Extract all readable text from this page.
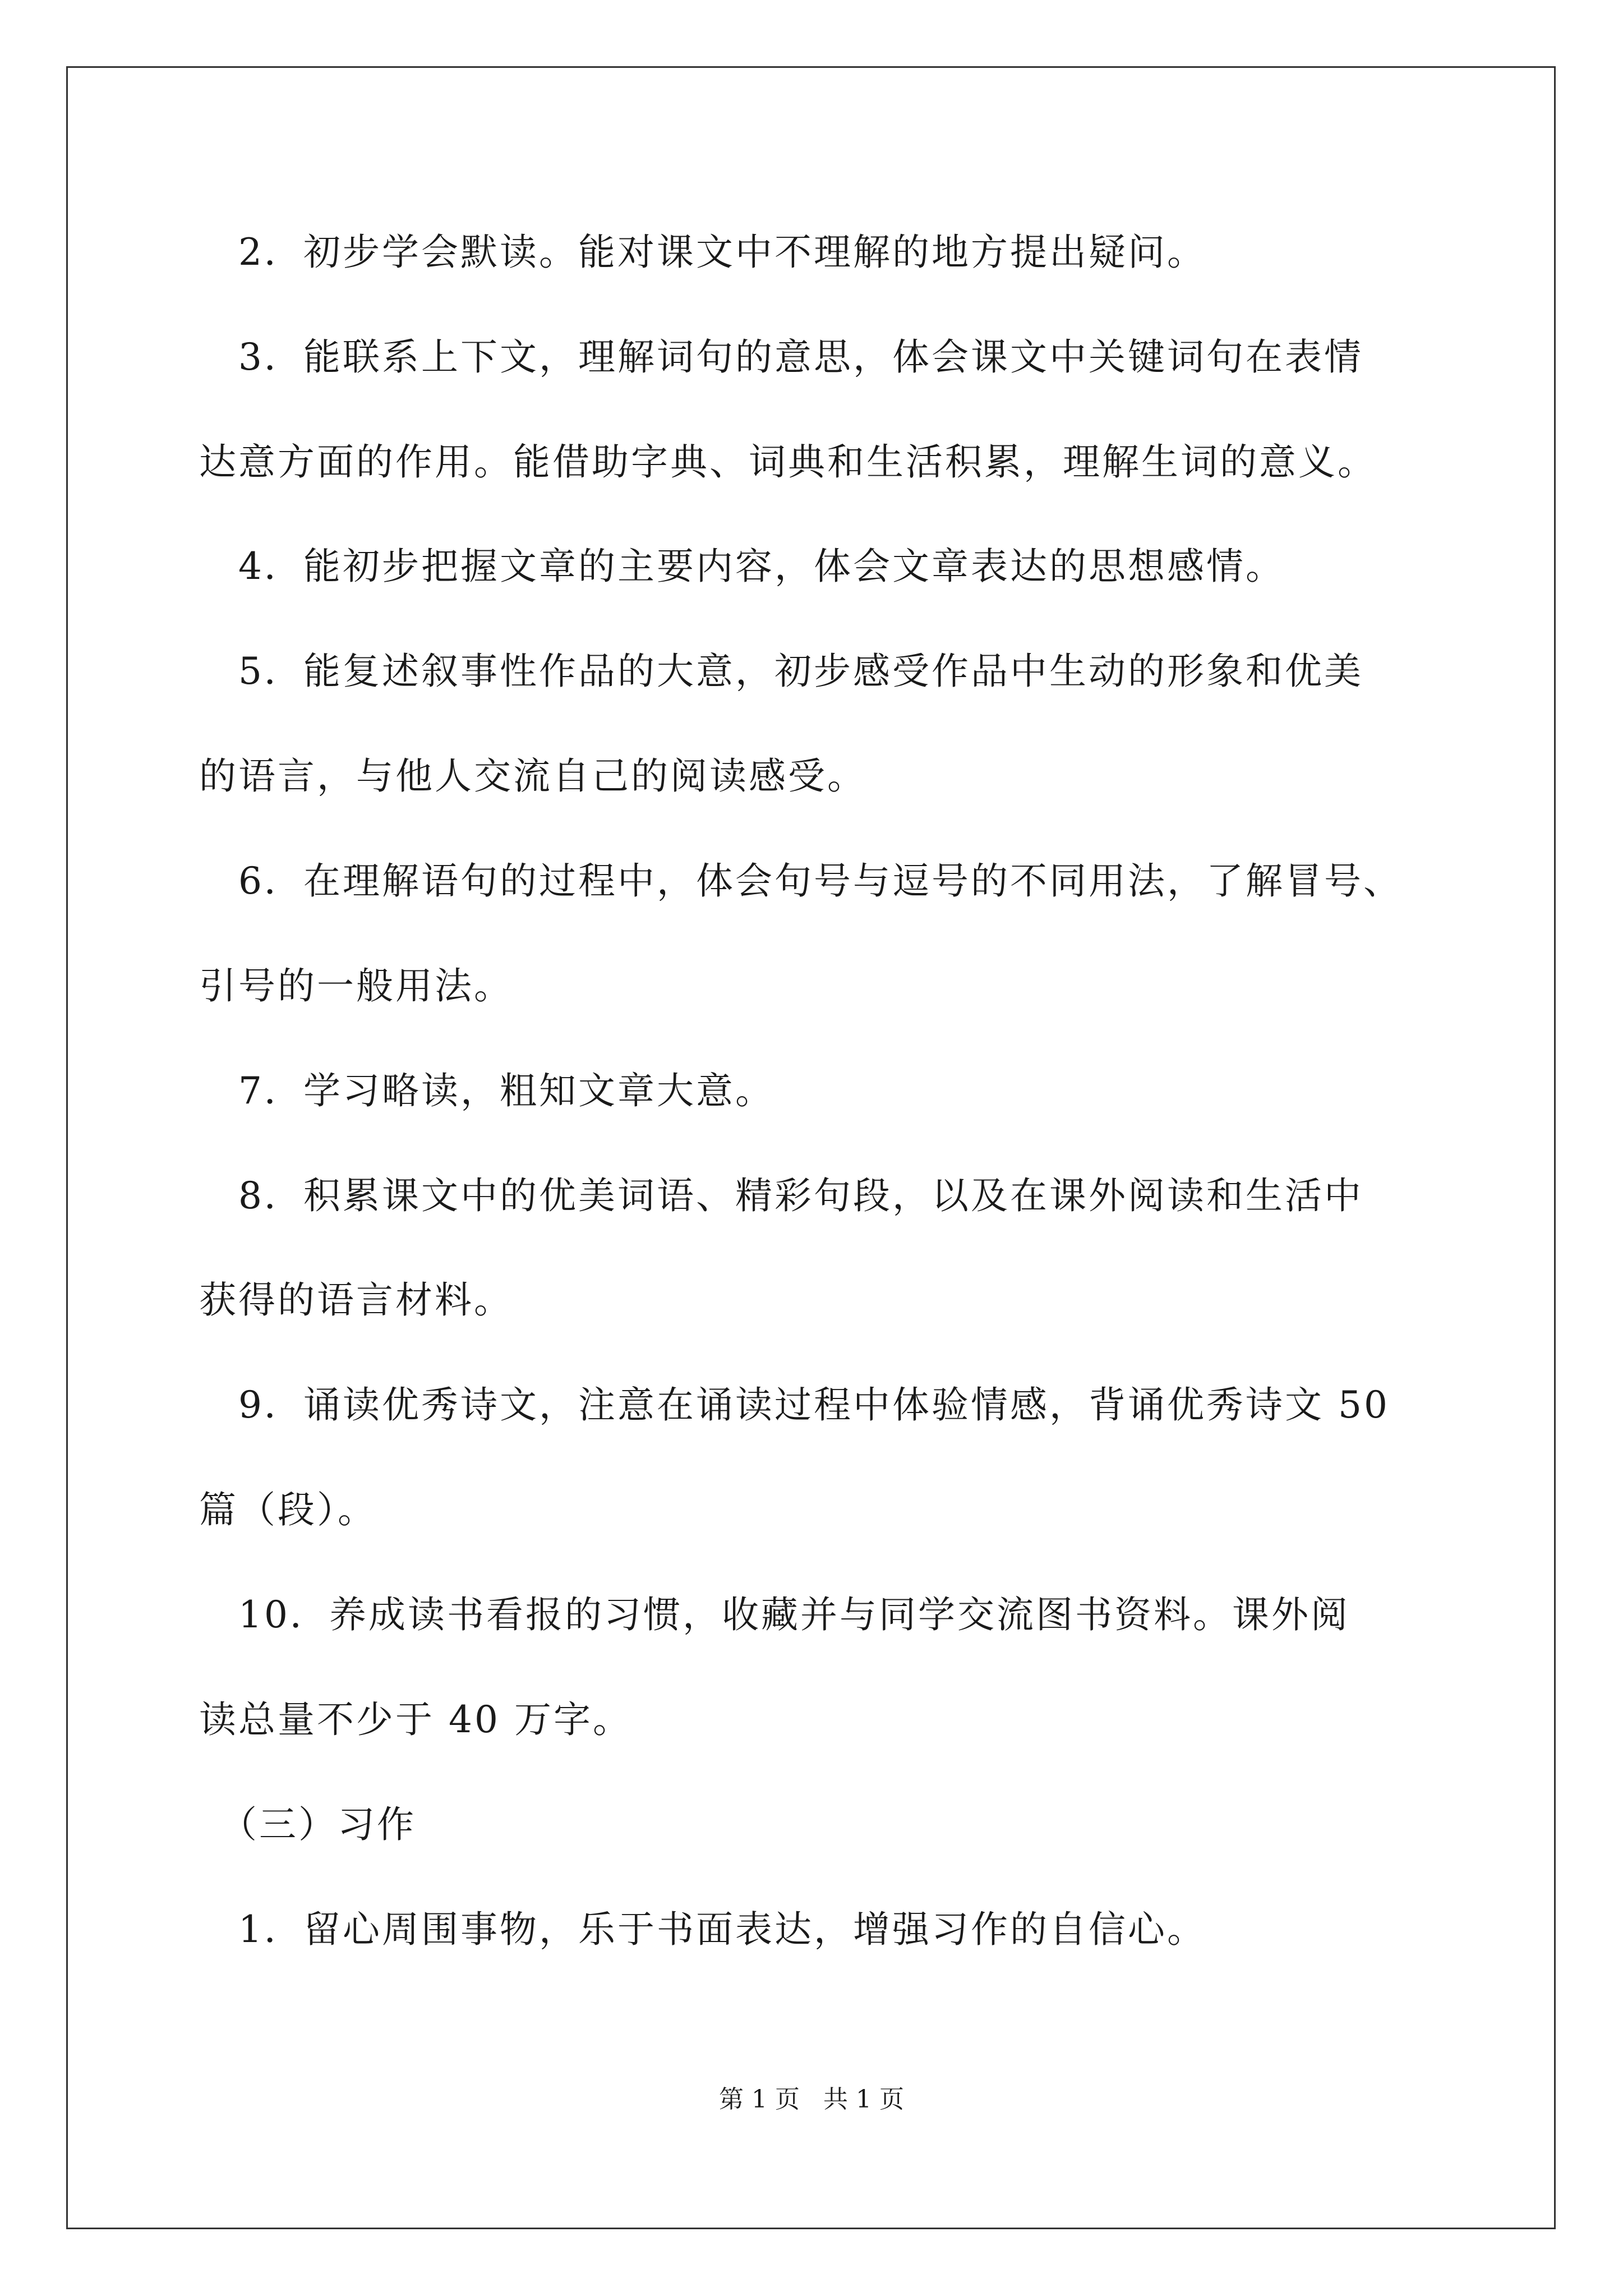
　2．初步学会默读。能对课文中不理解的地方提出疑问。
　3．能联系上下文，理解词句的意思，体会课文中关键词句在表情
达意方面的作用。能借助字典、词典和生活积累，理解生词的意义。
　4．能初步把握文章的主要内容，体会文章表达的思想感情。
　5．能复述叙事性作品的大意，初步感受作品中生动的形象和优美
的语言，与他人交流自己的阅读感受。
　6．在理解语句的过程中，体会句号与逗号的不同用法，了解冒号、
引号的一般用法。
　7．学习略读，粗知文章大意。
　8．积累课文中的优美词语、精彩句段，以及在课外阅读和生活中
获得的语言材料。
　9．诵读优秀诗文，注意在诵读过程中体验情感，背诵优秀诗文 50
篇（段）。
　10．养成读书看报的习惯，收藏并与同学交流图书资料。课外阅
读总量不少于 40 万字。
　（三）习作
　1．留心周围事物，乐于书面表达，增强习作的自信心。
第 1 页   共 1 页
